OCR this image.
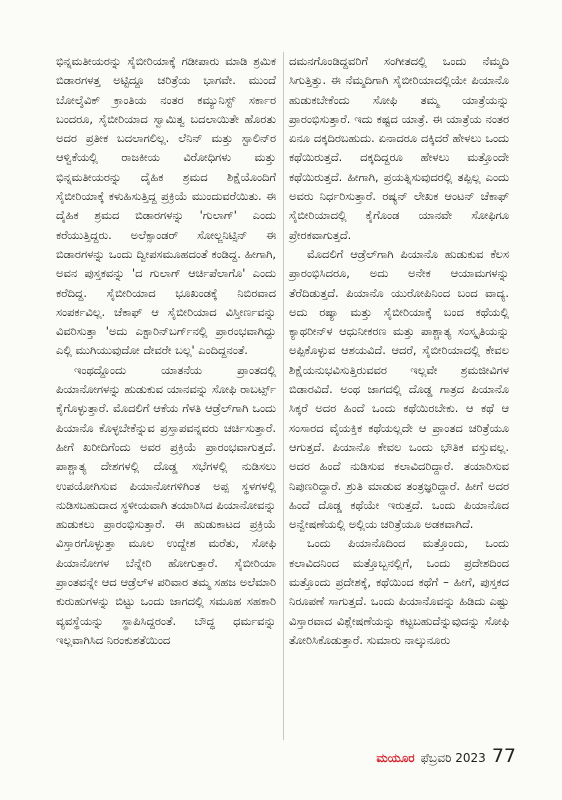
ಭಿನ್ನಮತೀಯರನ್ನು ಸೈಬೀರಿಯಾಕ್ಕೆ ಗಡೀಪಾರು ಮಾಡಿ ಶ್ರಮಿಕ ಬಿಡಾರಗಳತ್ತ ಅಟ್ಟಿದ್ದೂ ಚರಿತ್ರೆಯ ಭಾಗವೇ. ಮುಂದೆ ಬೋಲ್ಶೆವಿಕ್ ಕ್ರಾಂತಿಯ ನಂತರ ಕಮ್ಯುನಿಸ್ಟ್ ಸರ್ಕಾರ ಬಂದರೂ, ಸೈಬೀರಿಯಾದ ಸ್ವಾಮಿತ್ವ ಬದಲಾಯಿತೇ ಹೊರತು ಅದರ ಪ್ರತೀಕ ಬದಲಾಗಲಿಲ್ಲ. ಲೆನಿನ್ ಮತ್ತು ಸ್ಟಾಲಿನ್‌ರ ಆಳ್ವಿಕೆಯಲ್ಲಿ ರಾಜಕೀಯ ವಿರೋಧಿಗಳು ಮತ್ತು ಭಿನ್ನಮತೀಯರನ್ನು ದೈಹಿಕ ಶ್ರಮದ ಶಿಕ್ಷೆಯೊಂದಿಗೆ ಸೈಬೀರಿಯಾಕ್ಕೆ ಕಳುಹಿಸುತ್ತಿದ್ದ ಪ್ರಕ್ರಿಯೆ ಮುಂದುವರೆಯಿತು. ಈ ದೈಹಿಕ ಶ್ರಮದ ಬಿಡಾರಗಳನ್ನು 'ಗುಲಾಗ್' ಎಂದು ಕರೆಯುತ್ತಿದ್ದರು. ಅಲೆಕ್ಸಾಂಡರ್ ಸೋಲ್ಜನಿಟ್ಸಿನ್ ಈ ಬಿಡಾರಗಳನ್ನು ಒಂದು ದ್ವೀಪಸಮೂಹದಂತೆ ಕಂಡಿದ್ದ. ಹೀಗಾಗಿ, ಅವನ ಪುಸ್ತಕವನ್ನು 'ದ ಗುಲಾಗ್ ಆರ್ಚಿಪೆಲಾಗೊ' ಎಂದು ಕರೆದಿದ್ದ. ಸೈಬೀರಿಯಾದ ಭೂಖಂಡಕ್ಕೆ ನಿಬಿರವಾದ ಸಂಪರ್ಕವಿಲ್ಲ. ಚೆಕಾಫ್ ಆ ಸೈಬೀರಿಯಾದ ವಿಸ್ತೀರ್ಣವನ್ನು ವಿವರಿಸುತ್ತಾ 'ಅದು ಎಕ್ಟಾರಿನ್‌ಬರ್ಗ್‌ನಲ್ಲಿ ಪ್ರಾರಂಭವಾಗಿದ್ದು ಎಲ್ಲಿ ಮುಗಿಯುವುದೋ ದೇವರೇ ಬಲ್ಲ' ಎಂದಿದ್ದನಂತೆ.

ಇಂಥದ್ದೊಂದು ಯಾತನೆಯ ಪ್ರಾಂತದಲ್ಲಿ ಪಿಯಾನೋಗಳನ್ನು ಹುಡುಕುವ ಯಾನವನ್ನು ಸೋಫಿ ರಾಬರ್ಟ್ಸ್ ಕೈಗೊಳ್ಳುತ್ತಾರೆ. ಮೊದಲಿಗೆ ಆಕೆಯ ಗೆಳತಿ ಆಡ್ರೆಲ್‌ಗಾಗಿ ಒಂದು ಪಿಯಾನೊ ಕೊಳ್ಳಬೇಕೆನ್ನುವ ಪ್ರಸ್ತಾಪವನ್ನವರು ಚರ್ಚಿಸುತ್ತಾರೆ. ಹೀಗೆ ಖರೀದಿಗೆಂದು ಅವರ ಪ್ರಕ್ರಿಯೆ ಪ್ರಾರಂಭವಾಗುತ್ತದೆ. ಪಾಶ್ಚಾತ್ಯ ದೇಶಗಳಲ್ಲಿ ದೊಡ್ಡ ಸಭೆಗಳಲ್ಲಿ ನುಡಿಸಲು ಉಪಯೋಗಿಸುವ ಪಿಯಾನೋಗಳಿಗಿಂತ ಅಪ್ಪ ಸ್ಥಳಗಳಲ್ಲಿ ನುಡಿಸಬಹುದಾದ ಸ್ಥಳೀಯವಾಗಿ ತಯಾರಿಸಿದ ಪಿಯಾನೋವನ್ನು ಹುಡುಕಲು ಪ್ರಾರಂಭಿಸುತ್ತಾರೆ. ಈ ಹುಡುಕಾಟದ ಪ್ರಕ್ರಿಯೆ ವಿಸ್ತಾರಗೊಳ್ಳುತ್ತಾ ಮೂಲ ಉದ್ದೇಶ ಮರೆತು, ಸೋಫಿ ಪಿಯಾನೋಗಳ ಬೆನ್ನೇರಿ ಹೋಗುತ್ತಾರೆ. ಸೈಬೀರಿಯಾ ಪ್ರಾಂತವನ್ನೇ ಆದ ಆಡ್ರೆಲ್‌ಳ ಪರಿವಾರ ತಮ್ಮ ಸಹಜ ಅಲೆಮಾರಿ ಕುರುಹುಗಳನ್ನು ಬಿಟ್ಟು ಒಂದು ಜಾಗದಲ್ಲಿ ಸಮೂಹ ಸಹಕಾರಿ ವ್ಯವಸ್ಥೆಯನ್ನು ಸ್ಥಾಪಿಸಿದ್ದರಂತೆ. ಬೌದ್ಧ ಧರ್ಮವನ್ನು ಇಲ್ಲವಾಗಿಸಿದ ನಿರಂಕುಶತೆಯಿಂದ

ದಮನಗೊಂಡಿದ್ದವರಿಗೆ ಸಂಗೀತದಲ್ಲಿ ಒಂದು ನೆಮ್ಮದಿ ಸಿಗುತ್ತಿತ್ತು. ಈ ನೆಮ್ಮದಿಗಾಗಿ ಸೈಬೀರಿಯಾದಲ್ಲಿಯೇ ಪಿಯಾನೊ ಹುಡುಕಬೇಕೆಂದು ಸೋಫಿ ತಮ್ಮ ಯಾತ್ರೆಯನ್ನು ಪ್ರಾರಂಭಿಸುತ್ತಾರೆ. ಇದು ಕಷ್ಟದ ಯಾತ್ರೆ. ಈ ಯಾತ್ರೆಯ ನಂತರ ಏನೂ ದಕ್ಕದಿರಬಹುದು. ಏನಾದರೂ ದಕ್ಕಿದರೆ ಹೇಳಲು ಒಂದು ಕಥೆಯಿರುತ್ತದೆ. ದಕ್ಕದಿದ್ದರೂ ಹೇಳಲು ಮತ್ತೊಂದೇ ಕಥೆಯಿರುತ್ತದೆ. ಹೀಗಾಗಿ, ಪ್ರಯತ್ನಿಸುವುದರಲ್ಲಿ ತಪ್ಪಿಲ್ಲ ಎಂದು ಅವರು ನಿರ್ಧರಿಸುತ್ತಾರೆ. ರಷ್ಯನ್ ಲೇಖಕ ಆಂಟನ್ ಚೆಕಾಫ್ ಸೈಬೀರಿಯಾದಲ್ಲಿ ಕೈಗೊಂಡ ಯಾನವೇ ಸೋಫಿಗೂ ಪ್ರೇರಕವಾಗುತ್ತದೆ.

ಮೊದಲಿಗೆ ಆಡ್ರೆಲ್‌ಗಾಗಿ ಪಿಯಾನೊ ಹುಡುಕುವ ಕೆಲಸ ಪ್ರಾರಂಭಿಸಿದರೂ, ಅದು ಅನೇಕ ಆಯಾಮಗಳನ್ನು ತೆರೆದಿಡುತ್ತದೆ. ಪಿಯಾನೊ ಯುರೋಪಿನಿಂದ ಬಂದ ವಾದ್ಯ. ಅದು ರಷ್ಯಾ ಮತ್ತು ಸೈಬೀರಿಯಾಕ್ಕೆ ಬಂದ ಕಥೆಯಲ್ಲಿ ಕ್ಯಾಥರೀನ್‌ಳ ಆಧುನೀಕರಣ ಮತ್ತು ಪಾಶ್ಚಾತ್ಯ ಸಂಸ್ಕೃತಿಯನ್ನು ಅಪ್ಪಿಕೊಳ್ಳುವ ಆಶಯವಿದೆ. ಆದರೆ, ಸೈಬೀರಿಯಾದಲ್ಲಿ ಕೇವಲ ಶಿಕ್ಷೆಯನುಭವಿಸುತ್ತಿರುವವರ ಇಲ್ಲವೇ ಶ್ರಮಜೀವಿಗಳ ಬಿಡಾರವಿದೆ. ಅಂಥ ಜಾಗದಲ್ಲಿ ದೊಡ್ಡ ಗಾತ್ರದ ಪಿಯಾನೊ ಸಿಕ್ಕರೆ ಅದರ ಹಿಂದೆ ಒಂದು ಕಥೆಯಿರಬೇಕು. ಆ ಕಥೆ ಆ ಸಂಸಾರದ ವೈಯಕ್ತಿಕ ಕಥೆಯಲ್ಲದೇ ಆ ಪ್ರಾಂತದ ಚರಿತ್ರೆಯೂ ಆಗುತ್ತದೆ. ಪಿಯಾನೊ ಕೇವಲ ಒಂದು ಭೌತಿಕ ವಸ್ತುವಲ್ಲ. ಅದರ ಹಿಂದೆ ನುಡಿಸುವ ಕಲಾವಿದರಿದ್ದಾರೆ. ತಯಾರಿಸುವ ನಿಪುಣರಿದ್ದಾರೆ. ಶ್ರುತಿ ಮಾಡುವ ತಂತ್ರಜ್ಞರಿದ್ದಾರೆ. ಹೀಗೆ ಅದರ ಹಿಂದೆ ದೊಡ್ಡ ಕಥೆಯೇ ಇರುತ್ತದೆ. ಒಂದು ಪಿಯಾನೊದ ಅನ್ವೇಷಣೆಯಲ್ಲಿ ಅಲ್ಲಿಯ ಚರಿತ್ರೆಯೂ ಅಡಕವಾಗಿದೆ.

ಒಂದು ಪಿಯಾನೊದಿಂದ ಮತ್ತೊಂದು, ಒಂದು ಕಲಾವಿದನಿಂದ ಮತ್ತೊಬ್ಬನಲ್ಲಿಗೆ, ಒಂದು ಪ್ರದೇಶದಿಂದ ಮತ್ತೊಂದು ಪ್ರದೇಶಕ್ಕೆ, ಕಥೆಯಿಂದ ಕಥೆಗೆ – ಹೀಗೆ, ಪುಸ್ತಕದ ನಿರೂಪಣೆ ಸಾಗುತ್ತದೆ. ಒಂದು ಪಿಯಾನೊವನ್ನು ಹಿಡಿದು ಎಷ್ಟು ವಿಸ್ತಾರವಾದ ವಿಶ್ಲೇಷಣೆಯನ್ನು ಕಟ್ಟಬಹುದೆನ್ನುವುದನ್ನು ಸೋಫಿ ತೋರಿಸಿಕೊಡುತ್ತಾರೆ. ಸುಮಾರು ನಾಲ್ಕುನೂರು

ಮಯೂರ ಫೆಬ್ರವರಿ 2023 77
